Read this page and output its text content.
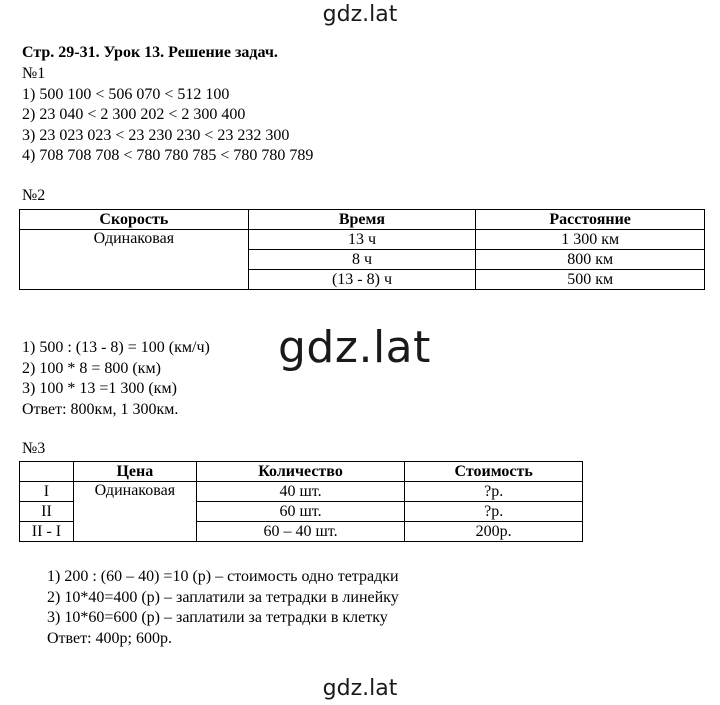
gdz.lat
Стр. 29-31. Урок 13. Решение задач.
№1
1) 500 100 < 506 070 < 512 100
2) 23 040 < 2 300 202 < 2 300 400
3) 23 023 023 < 23 230 230 < 23 232 300
4) 708 708 708 < 780 780 785 < 780 780 789
№2
Скорость	Время	Расстояние
Одинаковая	13 ч	1 300 км
	8 ч	800 км
	(13 - 8) ч	500 км
1) 500 : (13 - 8) = 100 (км/ч)
2) 100 * 8 = 800 (км)
3) 100 * 13 =1 300 (км)
Ответ: 800км, 1 300км.
gdz.lat
№3
	Цена	Количество	Стоимость
I	Одинаковая	40 шт.	?р.
II		60 шт.	?р.
II - I		60 – 40 шт.	200р.
1) 200 : (60 – 40) =10 (р) – стоимость одно тетрадки
2) 10*40=400 (р) – заплатили за тетрадки в линейку
3) 10*60=600 (р) – заплатили за тетрадки в клетку
Ответ: 400р; 600р.
gdz.lat
